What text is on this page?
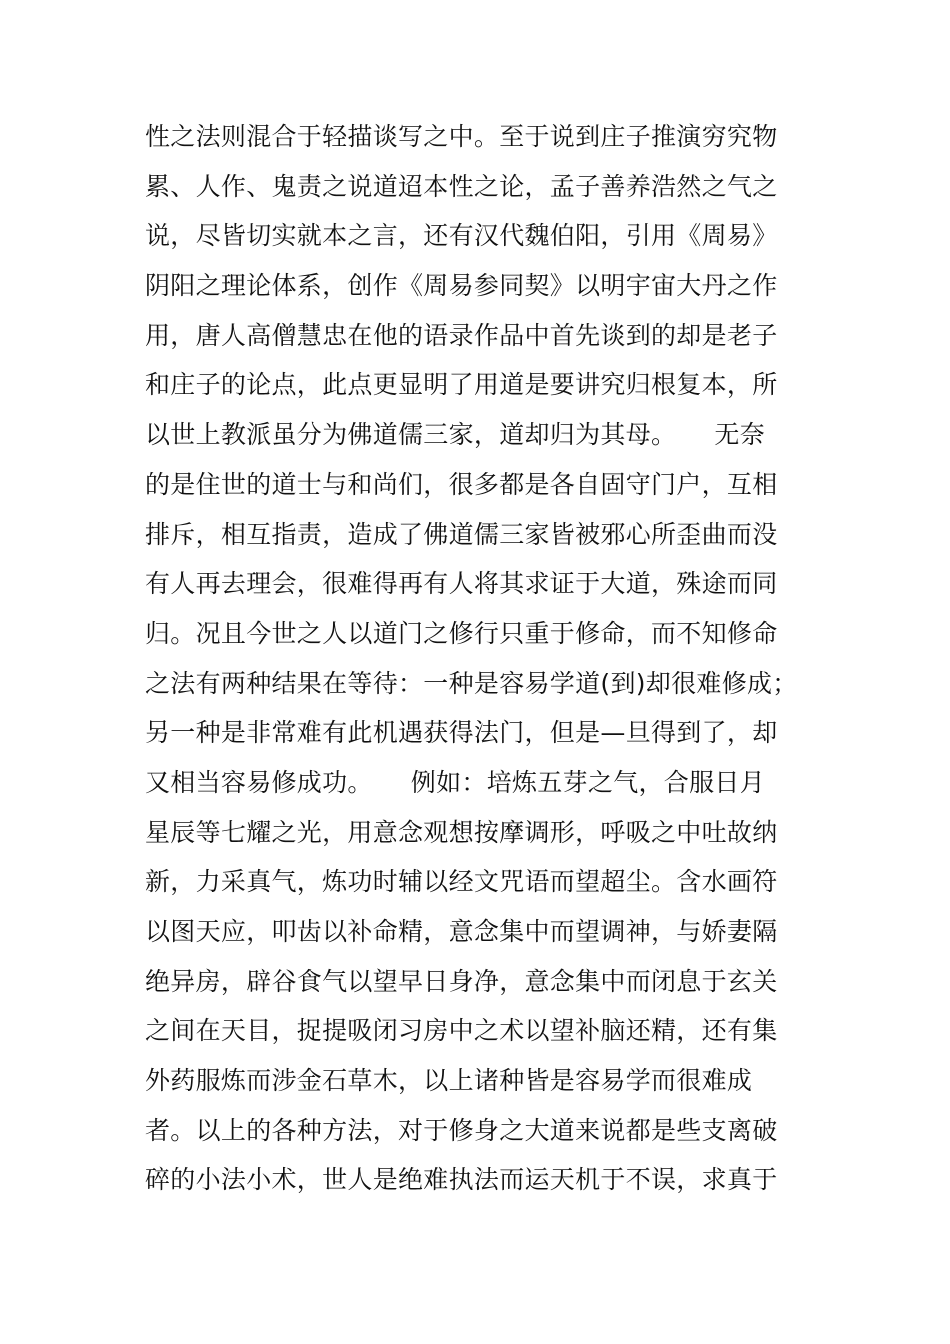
性之法则混合于轻描谈写之中。至于说到庄子推演穷究物
累、人作、鬼责之说道迢本性之论，孟子善养浩然之气之
说，尽皆切实就本之言，还有汉代魏伯阳，引用《周易》
阴阳之理论体系，创作《周易参同契》以明宇宙大丹之作
用，唐人高僧慧忠在他的语录作品中首先谈到的却是老子
和庄子的论点，此点更显明了用道是要讲究归根复本，所
以世上教派虽分为佛道儒三家，道却归为其母。　　无奈
的是住世的道士与和尚们，很多都是各自固守门户，互相
排斥，相互指责，造成了佛道儒三家皆被邪心所歪曲而没
有人再去理会，很难得再有人将其求证于大道，殊途而同
归。况且今世之人以道门之修行只重于修命，而不知修命
之法有两种结果在等待：一种是容易学道(到)却很难修成；
另一种是非常难有此机遇获得法门，但是—旦得到了，却
又相当容易修成功。　　例如：培炼五芽之气，合服日月
星辰等七耀之光，用意念观想按摩调形，呼吸之中吐故纳
新，力采真气，炼功时辅以经文咒语而望超尘。含水画符
以图天应，叩齿以补命精，意念集中而望调神，与娇妻隔
绝异房，辟谷食气以望早日身净，意念集中而闭息于玄关
之间在天目，捉提吸闭习房中之术以望补脑还精，还有集
外药服炼而涉金石草木，以上诸种皆是容易学而很难成
者。以上的各种方法，对于修身之大道来说都是些支离破
碎的小法小术，世人是绝难执法而运天机于不误，求真于
